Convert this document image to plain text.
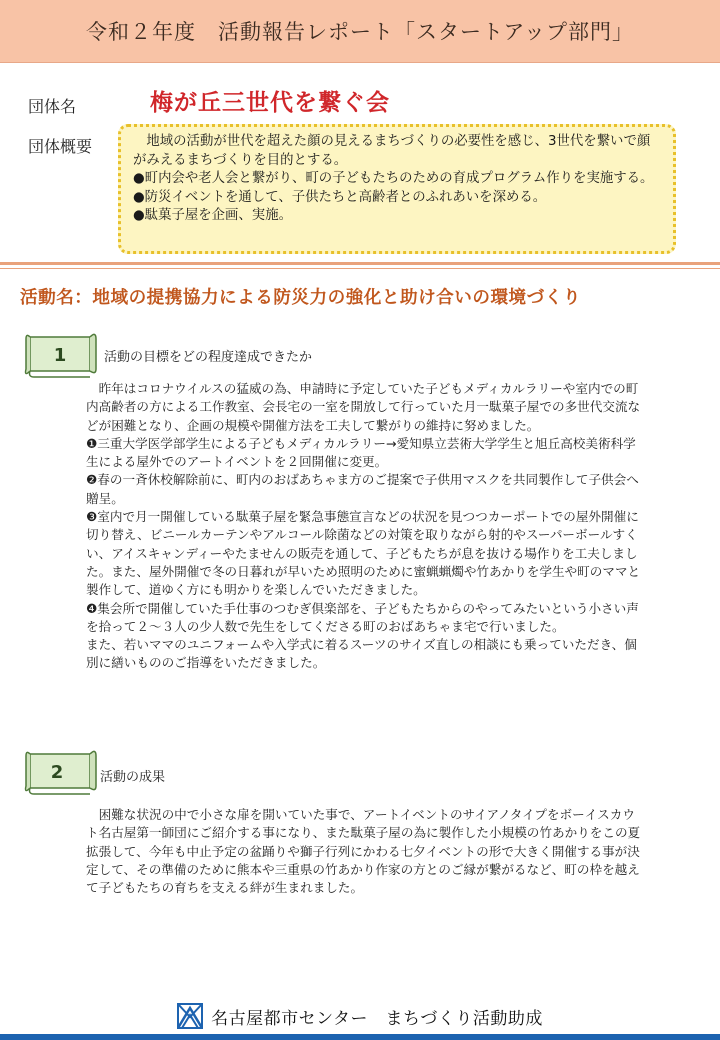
令和２年度　活動報告レポート「スタートアップ部門」
団体名	梅が丘三世代を繋ぐ会
団体概要	　地域の活動が世代を超えた顔の見えるまちづくりの必要性を感じ、3世代を繋いで顔がみえるまちづくりを目的とする。

●町内会や老人会と繋がり、町の子どもたちのための育成プログラム作りを実施する。

●防災イベントを通して、子供たちと高齢者とのふれあいを深める。

●駄菓子屋を企画、実施。

活動名：地域の提携協力による防災力の強化と助け合いの環境づくり
1	活動の目標をどの程度達成できたか

　昨年はコロナウイルスの猛威の為、申請時に予定していた子どもメディカルラリーや室内での町内高齢者の方による工作教室、会長宅の一室を開放して行っていた月一駄菓子屋での多世代交流などが困難となり、企画の規模や開催方法を工夫して繋がりの維持に努めました。

❶三重大学医学部学生による子どもメディカルラリー→愛知県立芸術大学学生と旭丘高校美術科学生による屋外でのアートイベントを２回開催に変更。

❷春の一斉休校解除前に、町内のおばあちゃま方のご提案で子供用マスクを共同製作して子供会へ贈呈。

❸室内で月一開催している駄菓子屋を緊急事態宣言などの状況を見つつカーポートでの屋外開催に切り替え、ビニールカーテンやアルコール除菌などの対策を取りながら射的やスーパーボールすくい、アイスキャンディーやたませんの販売を通して、子どもたちが息を抜ける場作りを工夫しました。また、屋外開催で冬の日暮れが早いため照明のために蜜蝋蝋燭や竹あかりを学生や町のママと製作して、道ゆく方にも明かりを楽しんでいただきました。

❹集会所で開催していた手仕事のつむぎ倶楽部を、子どもたちからのやってみたいという小さい声を拾って２～３人の少人数で先生をしてくださる町のおばあちゃま宅で行いました。

また、若いママのユニフォームや入学式に着るスーツのサイズ直しの相談にも乗っていただき、個別に繕いもののご指導をいただきました。

2	活動の成果

　困難な状況の中で小さな扉を開いていた事で、アートイベントのサイアノタイプをボーイスカウト名古屋第一師団にご紹介する事になり、また駄菓子屋の為に製作した小規模の竹あかりをこの夏拡張して、今年も中止予定の盆踊りや獅子行列にかわる七夕イベントの形で大きく開催する事が決定して、その準備のために熊本や三重県の竹あかり作家の方とのご縁が繋がるなど、町の枠を越えて子どもたちの育ちを支える絆が生まれました。

名古屋都市センター　まちづくり活動助成
